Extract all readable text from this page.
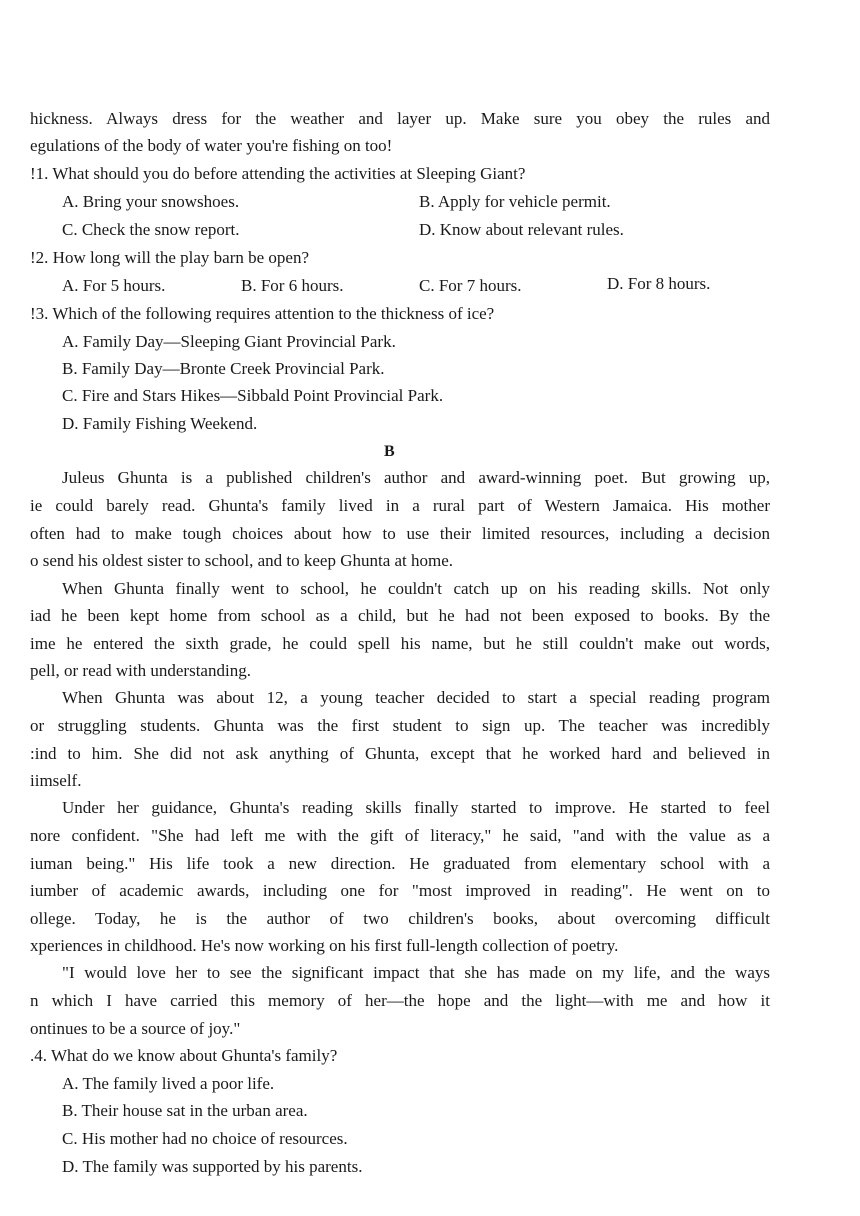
hickness. Always dress for the weather and layer up. Make sure you obey the rules and
egulations of the body of water you're fishing on too!
!1. What should you do before attending the activities at Sleeping Giant?
A. Bring your snowshoes.	B. Apply for vehicle permit.
C. Check the snow report.	D. Know about relevant rules.
!2. How long will the play barn be open?
A. For 5 hours.	B. For 6 hours.	C. For 7 hours.	D. For 8 hours.
!3. Which of the following requires attention to the thickness of ice?
A. Family Day—Sleeping Giant Provincial Park.
B. Family Day—Bronte Creek Provincial Park.
C. Fire and Stars Hikes—Sibbald Point Provincial Park.
D. Family Fishing Weekend.
B
Juleus Ghunta is a published children's author and award-winning poet. But growing up,
ie could barely read. Ghunta's family lived in a rural part of Western Jamaica. His mother
often had to make tough choices about how to use their limited resources, including a decision
o send his oldest sister to school, and to keep Ghunta at home.
When Ghunta finally went to school, he couldn't catch up on his reading skills. Not only
iad he been kept home from school as a child, but he had not been exposed to books. By the
ime he entered the sixth grade, he could spell his name, but he still couldn't make out words,
pell, or read with understanding.
When Ghunta was about 12, a young teacher decided to start a special reading program
or struggling students. Ghunta was the first student to sign up. The teacher was incredibly
:ind to him. She did not ask anything of Ghunta, except that he worked hard and believed in
iimself.
Under her guidance, Ghunta's reading skills finally started to improve. He started to feel
nore confident. "She had left me with the gift of literacy," he said, "and with the value as a
iuman being." His life took a new direction. He graduated from elementary school with a
iumber of academic awards, including one for "most improved in reading". He went on to
ollege. Today, he is the author of two children's books, about overcoming difficult
xperiences in childhood. He's now working on his first full-length collection of poetry.
"I would love her to see the significant impact that she has made on my life, and the ways
n which I have carried this memory of her—the hope and the light—with me and how it
ontinues to be a source of joy."
.4. What do we know about Ghunta's family?
A. The family lived a poor life.
B. Their house sat in the urban area.
C. His mother had no choice of resources.
D. The family was supported by his parents.
